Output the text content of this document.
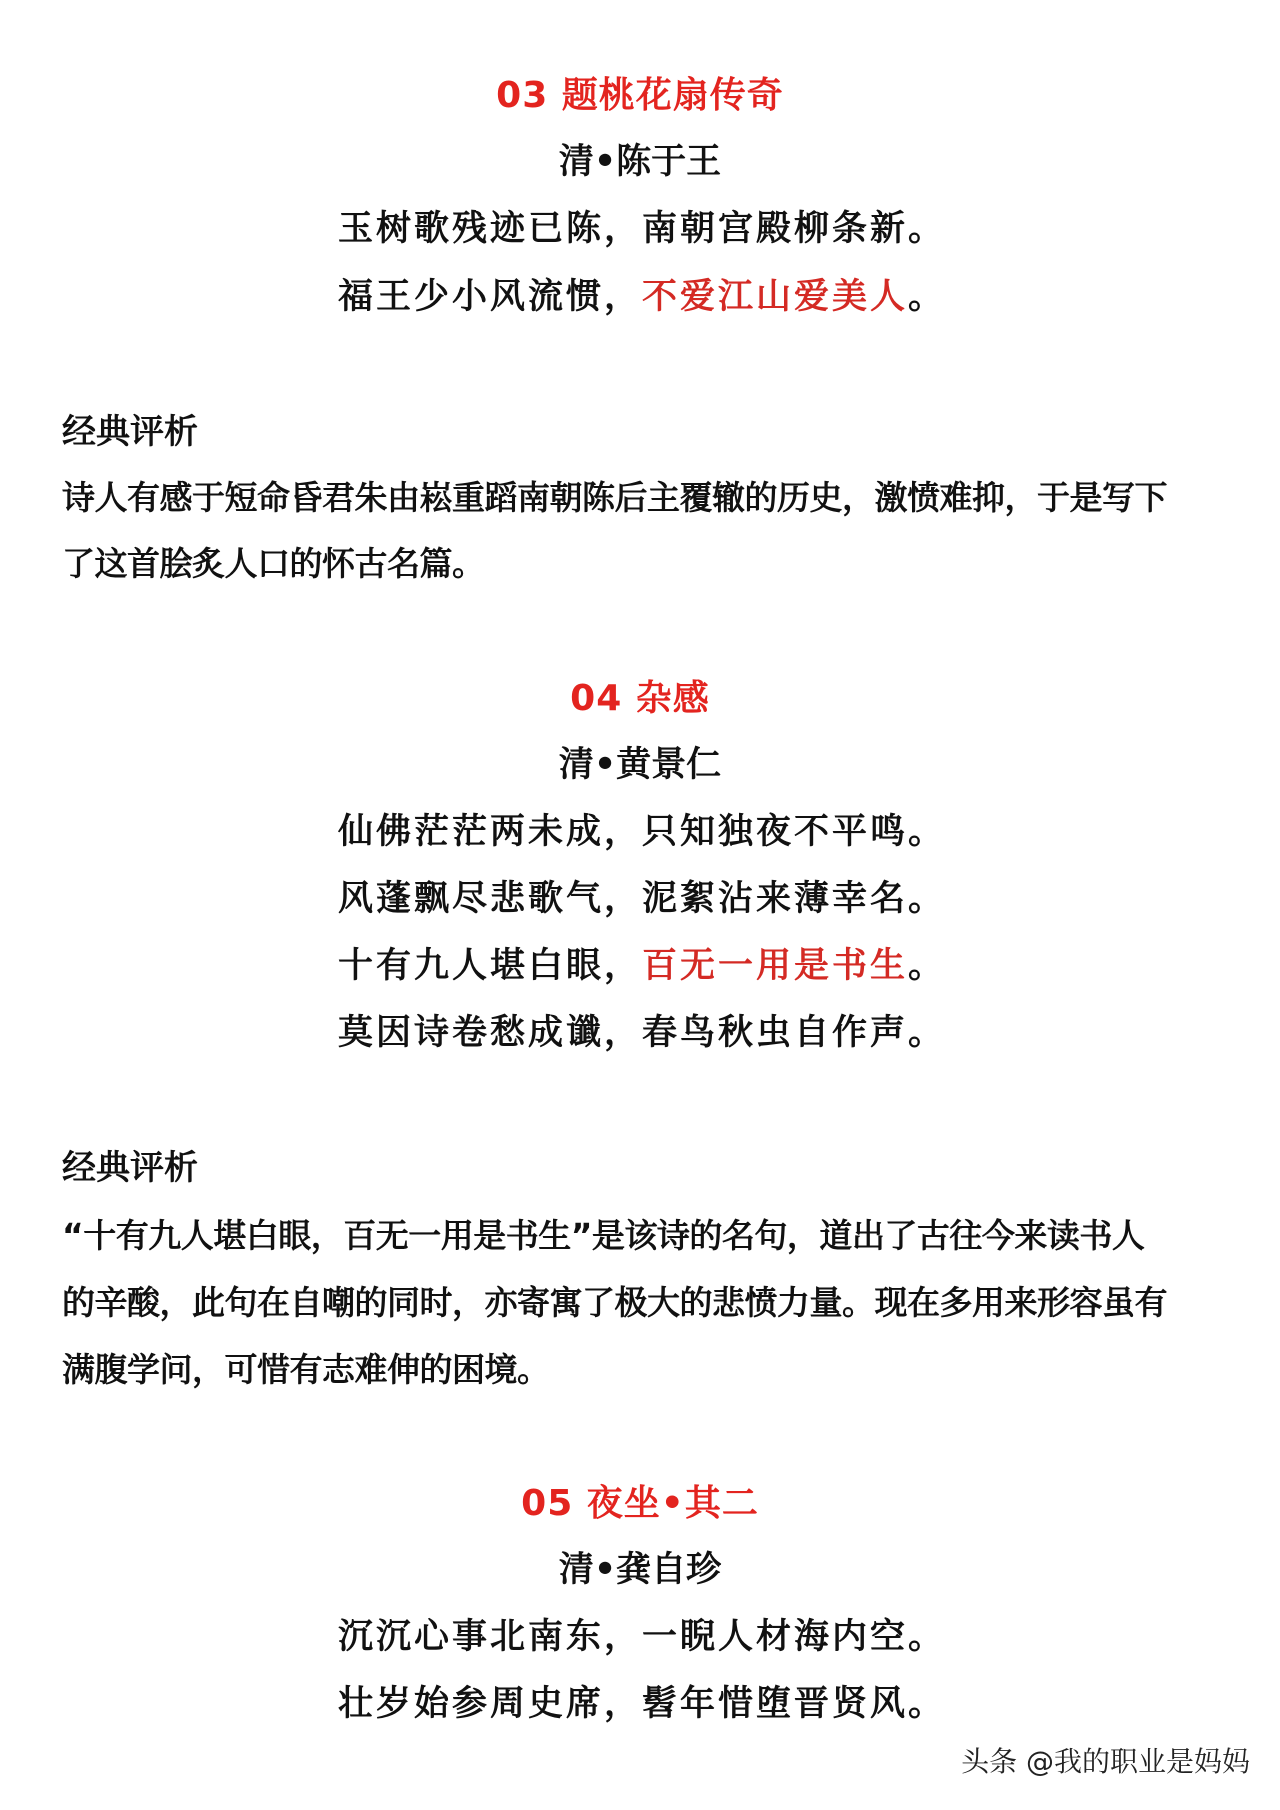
03 题桃花扇传奇
清•陈于王
玉树歌残迹已陈，南朝宫殿柳条新。
福王少小风流惯，不爱江山爱美人。
经典评析
诗人有感于短命昏君朱由崧重蹈南朝陈后主覆辙的历史，激愤难抑，于是写下
了这首脍炙人口的怀古名篇。
04 杂感
清•黄景仁
仙佛茫茫两未成，只知独夜不平鸣。
风蓬飘尽悲歌气，泥絮沾来薄幸名。
十有九人堪白眼，百无一用是书生。
莫因诗卷愁成谶，春鸟秋虫自作声。
经典评析
“十有九人堪白眼，百无一用是书生”是该诗的名句，道出了古往今来读书人
的辛酸，此句在自嘲的同时，亦寄寓了极大的悲愤力量。现在多用来形容虽有
满腹学问，可惜有志难伸的困境。
05 夜坐•其二
清•龚自珍
沉沉心事北南东，一睨人材海内空。
壮岁始参周史席，髫年惜堕晋贤风。
头条 @我的职业是妈妈
